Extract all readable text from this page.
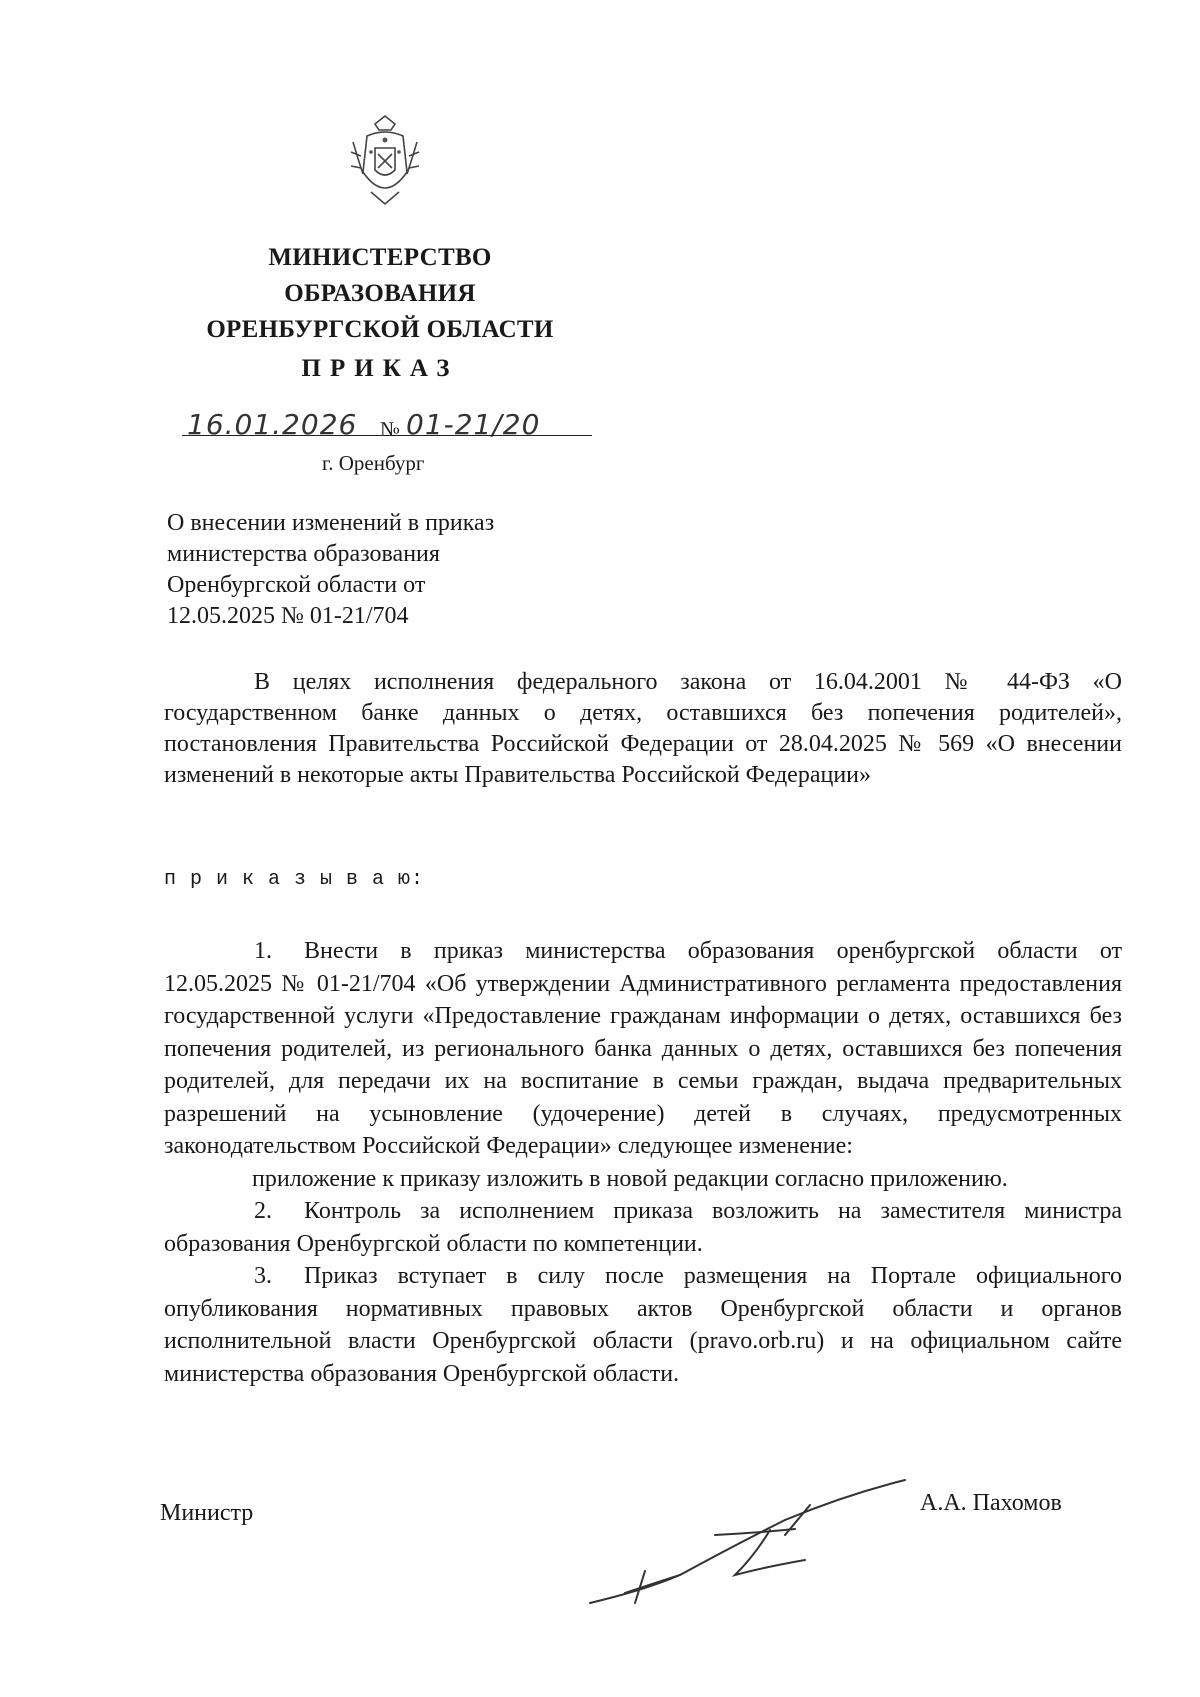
МИНИСТЕРСТВО
ОБРАЗОВАНИЯ
ОРЕНБУРГСКОЙ ОБЛАСТИ
ПРИКАЗ
16.01.2026 № 01-21/20
г. Оренбург
О внесении изменений в приказ
министерства образования
Оренбургской области от
12.05.2025 № 01-21/704
В целях исполнения федерального закона от 16.04.2001 № 44-ФЗ «О государственном банке данных о детях, оставшихся без попечения родителей», постановления Правительства Российской Федерации от 28.04.2025 № 569 «О внесении изменений в некоторые акты Правительства Российской Федерации»
п р и к а з ы в а ю:

1. Внести в приказ министерства образования оренбургской области от 12.05.2025 № 01-21/704 «Об утверждении Административного регламента предоставления государственной услуги «Предоставление гражданам информации о детях, оставшихся без попечения родителей, из регионального банка данных о детях, оставшихся без попечения родителей, для передачи их на воспитание в семьи граждан, выдача предварительных разрешений на усыновление (удочерение) детей в случаях, предусмотренных законодательством Российской Федерации» следующее изменение:

приложение к приказу изложить в новой редакции согласно приложению.

2. Контроль за исполнением приказа возложить на заместителя министра образования Оренбургской области по компетенции.

3. Приказ вступает в силу после размещения на Портале официального опубликования нормативных правовых актов Оренбургской области и органов исполнительной власти Оренбургской области (pravo.orb.ru) и на официальном сайте министерства образования Оренбургской области.

Министр	А.А. Пахомов
